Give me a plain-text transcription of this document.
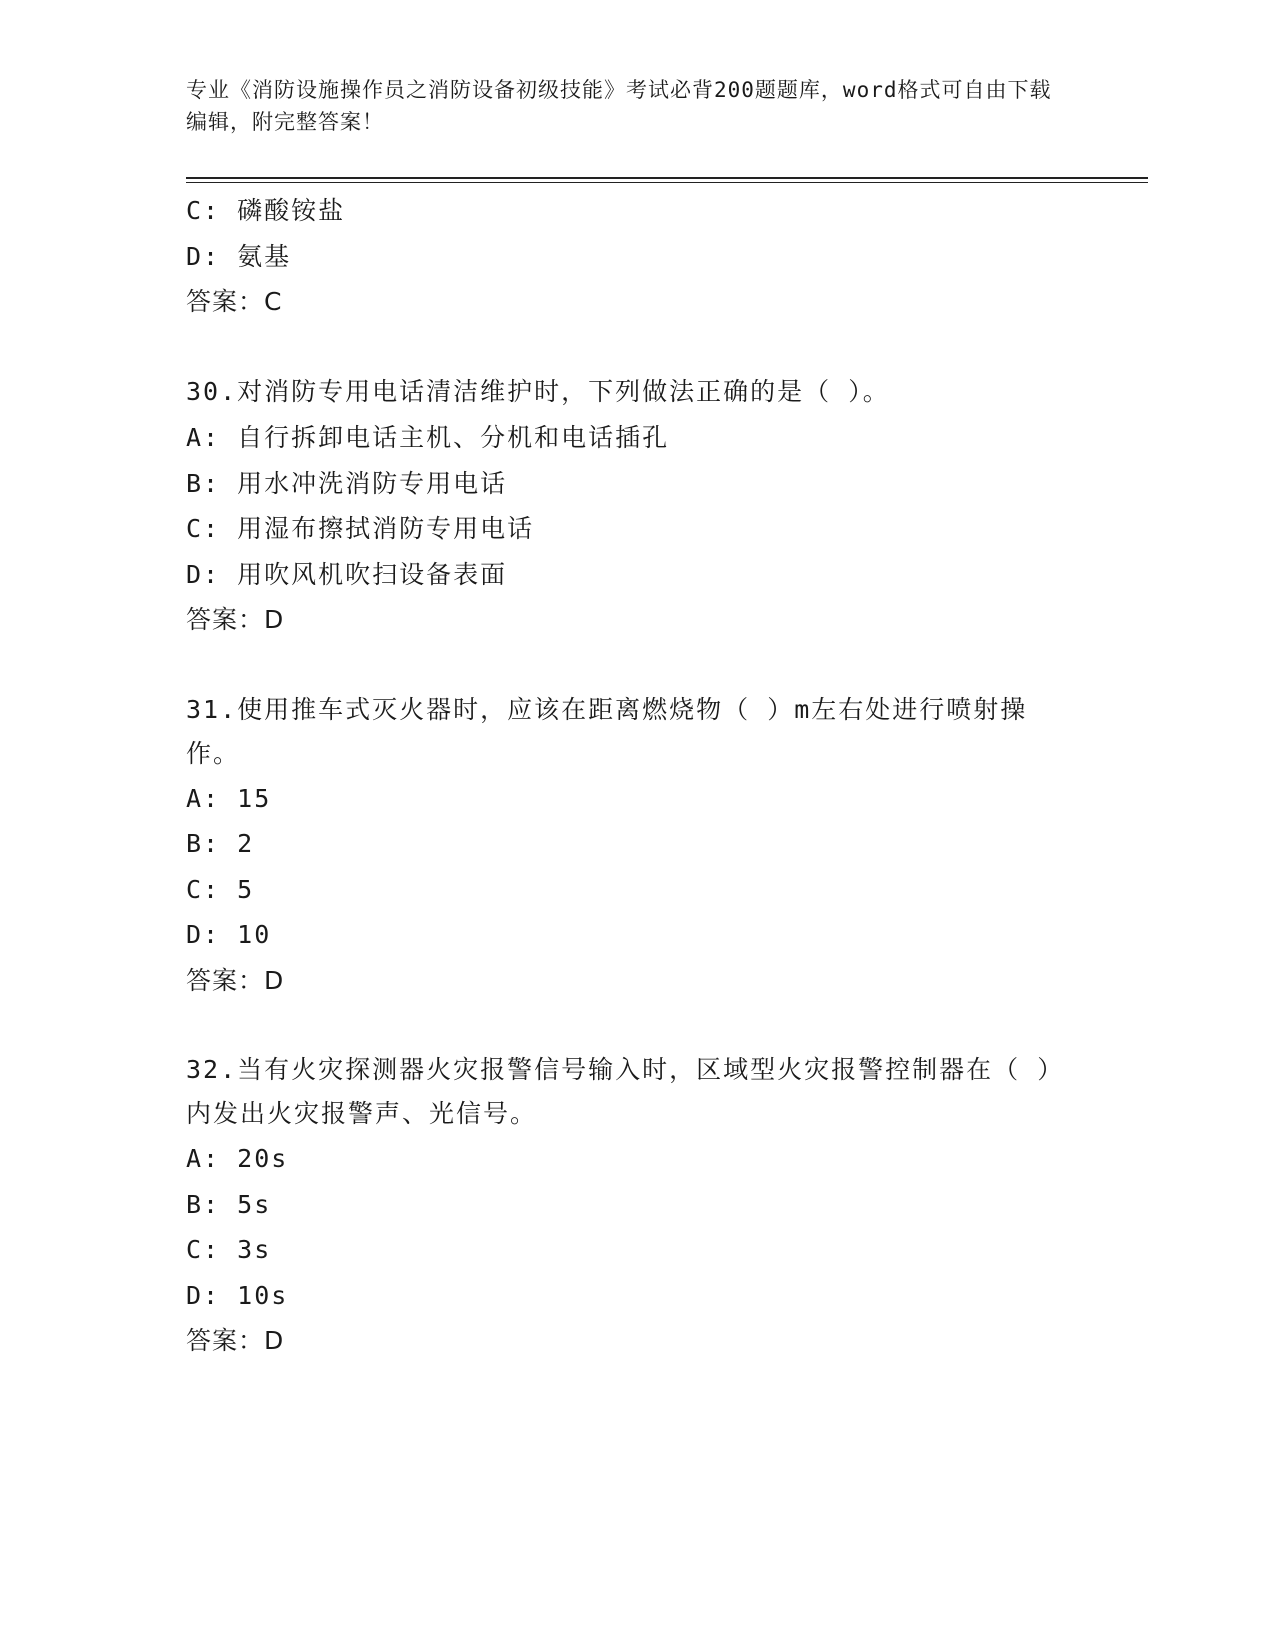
专业《消防设施操作员之消防设备初级技能》考试必背200题题库，word格式可自由下载编辑，附完整答案！
C: 磷酸铵盐
D: 氨基
答案：C
30.对消防专用电话清洁维护时，下列做法正确的是（ ）。
A: 自行拆卸电话主机、分机和电话插孔
B: 用水冲洗消防专用电话
C: 用湿布擦拭消防专用电话
D: 用吹风机吹扫设备表面
答案：D
31.使用推车式灭火器时，应该在距离燃烧物（ ）m左右处进行喷射操作。
A: 15
B: 2
C: 5
D: 10
答案：D
32.当有火灾探测器火灾报警信号输入时，区域型火灾报警控制器在（ ）内发出火灾报警声、光信号。
A: 20s
B: 5s
C: 3s
D: 10s
答案：D
